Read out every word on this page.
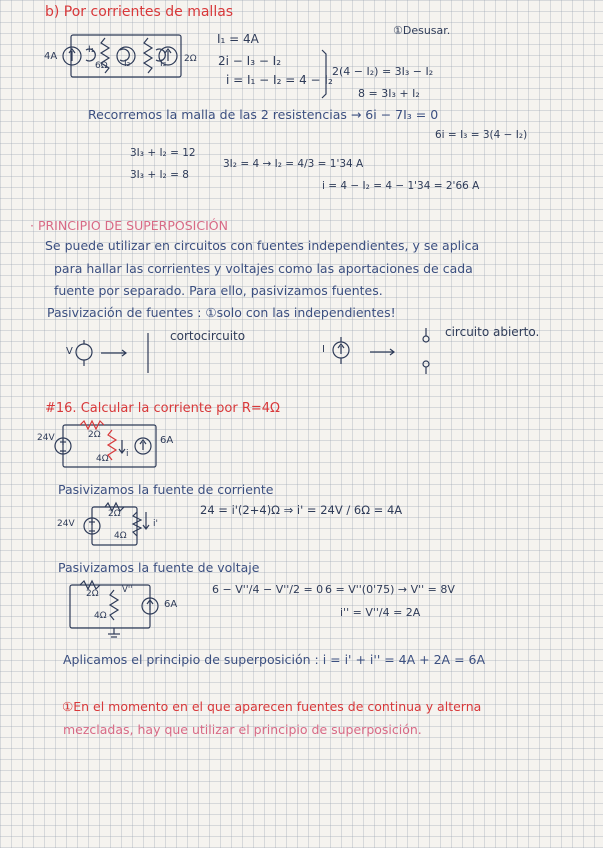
b) Por corrientes de mallas
①Desusar.
4A
6Ω
I₁
I₂	I₃ 2Ω
I₁ = 4A
2i − I₃ − I₂
i = I₁ − I₂ = 4 − I₂
2(4 − I₂) = 3I₃ − I₂
8 = 3I₃ + I₂
Recorremos la malla de las 2 resistencias → 6i − 7I₃ = 0
6i = I₃ = 3(4 − I₂)
3I₃ + I₂ = 12
3I₃ + I₂ = 8
3I₂ = 4 → I₂ = 4/3 = 1'34 A
i = 4 − I₂ = 4 − 1'34 = 2'66 A
· PRINCIPIO DE SUPERPOSICIÓN
Se puede utilizar en circuitos con fuentes independientes, y se aplica
para hallar las corrientes y voltajes como las aportaciones de cada
fuente por separado. Para ello, pasivizamos fuentes.
Pasivización de fuentes : ①solo con las independientes!
V
cortocircuito
I
circuito abierto.
#16. Calcular la corriente por R=4Ω
24V	2Ω
4Ω i
6A
Pasivizamos la fuente de corriente
24V
2Ω
4Ω
i'
24 = i'(2+4)Ω ⇒ i' = 24V / 6Ω = 4A
Pasivizamos la fuente de voltaje
2Ω
4Ω
V''
6A
6 − V''/4 − V''/2 = 0 6 = V''(0'75) → V'' = 8V
i'' = V''/4 = 2A
Aplicamos el principio de superposición : i = i' + i'' = 4A + 2A = 6A
①En el momento en el que aparecen fuentes de continua y alterna
mezcladas, hay que utilizar el principio de superposición.
